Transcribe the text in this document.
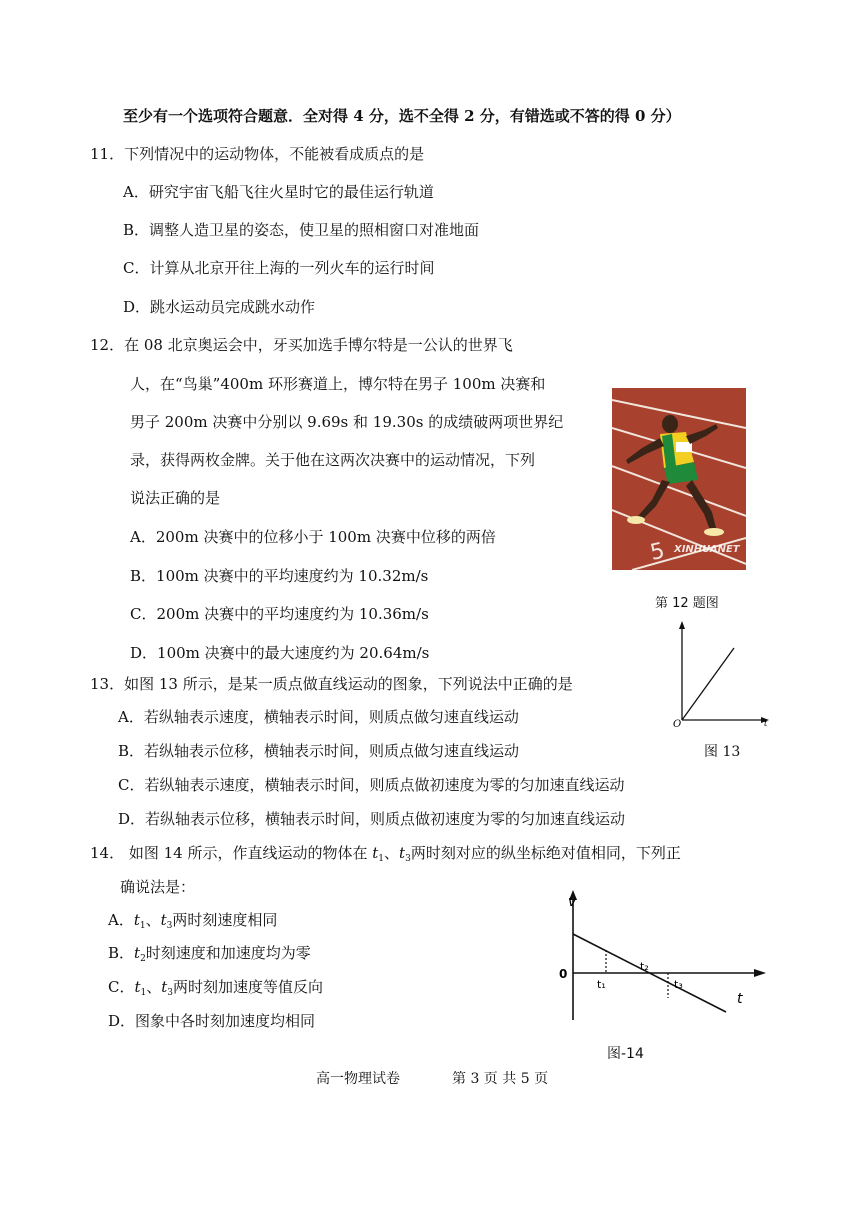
至少有一个选项符合题意．全对得 4 分，选不全得 2 分，有错选或不答的得 0 分）
11．下列情况中的运动物体，不能被看成质点的是
A．研究宇宙飞船飞往火星时它的最佳运行轨道
B．调整人造卫星的姿态，使卫星的照相窗口对准地面
C．计算从北京开往上海的一列火车的运行时间
D．跳水运动员完成跳水动作
12．在 08 北京奥运会中，牙买加选手博尔特是一公认的世界飞
人，在“鸟巢”400m 环形赛道上，博尔特在男子 100m 决赛和
男子 200m 决赛中分别以 9.69s 和 19.30s 的成绩破两项世界纪
录，获得两枚金牌。关于他在这两次决赛中的运动情况，下列
说法正确的是
A．200m 决赛中的位移小于 100m 决赛中位移的两倍
B．100m 决赛中的平均速度约为 10.32m/s
C．200m 决赛中的平均速度约为 10.36m/s
D．100m 决赛中的最大速度约为 20.64m/s
5 XINHUANET
第 12 题图
13．如图 13 所示，是某一质点做直线运动的图象，下列说法中正确的是
A．若纵轴表示速度，横轴表示时间，则质点做匀速直线运动
B．若纵轴表示位移，横轴表示时间，则质点做匀速直线运动
C．若纵轴表示速度，横轴表示时间，则质点做初速度为零的匀加速直线运动
D．若纵轴表示位移，横轴表示时间，则质点做初速度为零的匀加速直线运动
O	t
图 13
14． 如图 14 所示，作直线运动的物体在 $t_1$、$t_3$两时刻对应的纵坐标绝对值相同，下列正
确说法是：
A．$t_1$、$t_3$两时刻速度相同
B．$t_2$时刻速度和加速度均为零
C．$t_1$、$t_3$两时刻加速度等值反向
D．图象中各时刻加速度均相同
v
0
t₁
t₂
t₃
t
图-14
高一物理试卷	第 3 页 共 5 页
